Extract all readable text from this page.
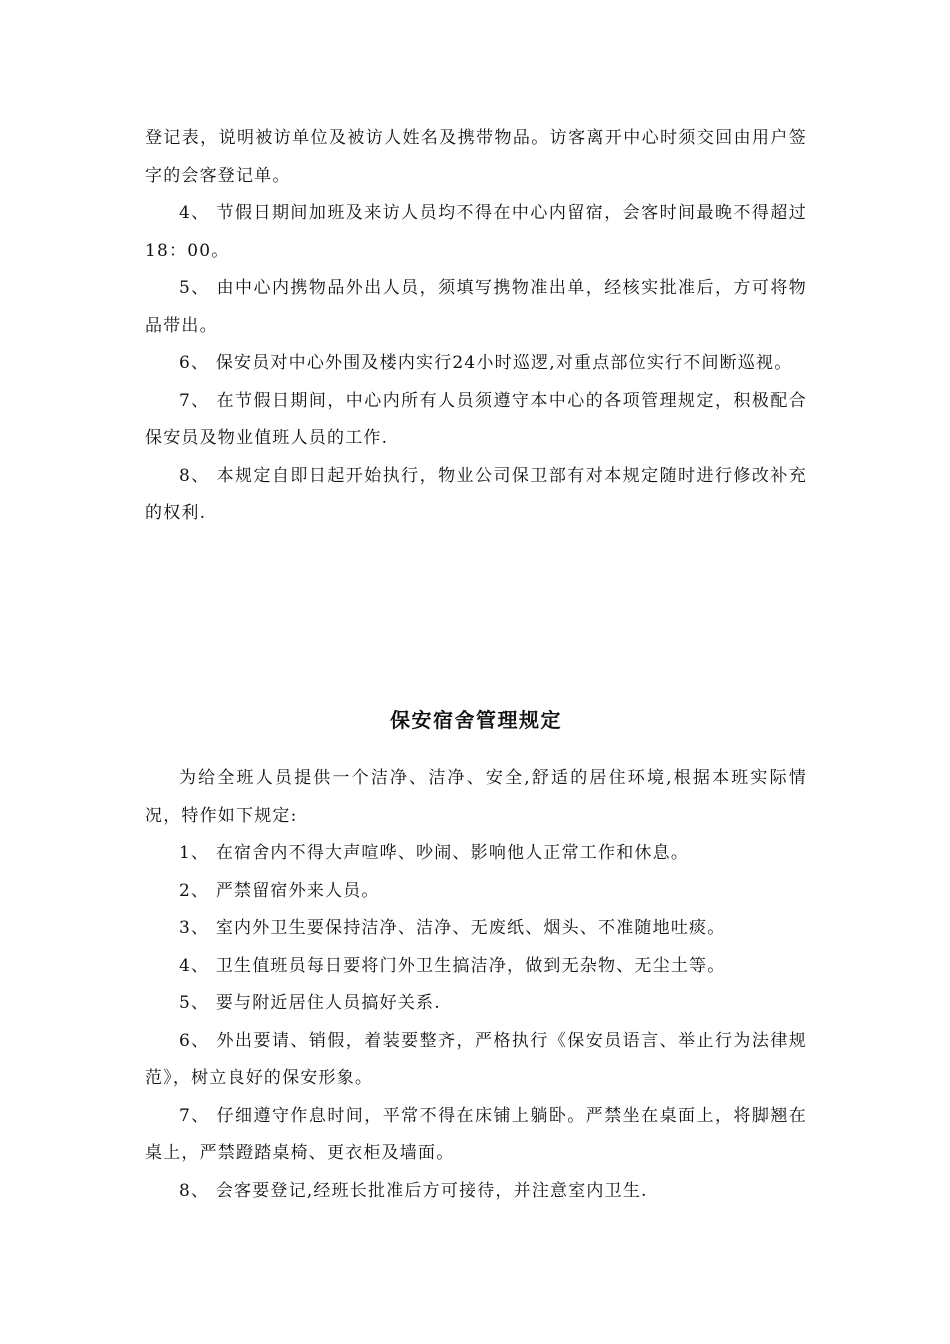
登记表，说明被访单位及被访人姓名及携带物品。访客离开中心时须交回由用户签字的会客登记单。

4、 节假日期间加班及来访人员均不得在中心内留宿，会客时间最晚不得超过18：00。

5、 由中心内携物品外出人员，须填写携物准出单，经核实批准后，方可将物品带出。

6、 保安员对中心外围及楼内实行24小时巡逻,对重点部位实行不间断巡视。

7、 在节假日期间，中心内所有人员须遵守本中心的各项管理规定，积极配合保安员及物业值班人员的工作.

8、 本规定自即日起开始执行，物业公司保卫部有对本规定随时进行修改补充的权利.

保安宿舍管理规定

为给全班人员提供一个洁净、洁净、安全,舒适的居住环境,根据本班实际情况，特作如下规定:

1、 在宿舍内不得大声喧哗、吵闹、影响他人正常工作和休息。

2、 严禁留宿外来人员。

3、 室内外卫生要保持洁净、洁净、无废纸、烟头、不准随地吐痰。

4、 卫生值班员每日要将门外卫生搞洁净，做到无杂物、无尘土等。

5、 要与附近居住人员搞好关系.

6、 外出要请、销假，着装要整齐，严格执行《保安员语言、举止行为法律规范》，树立良好的保安形象。

7、 仔细遵守作息时间，平常不得在床铺上躺卧。严禁坐在桌面上，将脚翘在桌上，严禁蹬踏桌椅、更衣柜及墙面。

8、 会客要登记,经班长批准后方可接待，并注意室内卫生.
